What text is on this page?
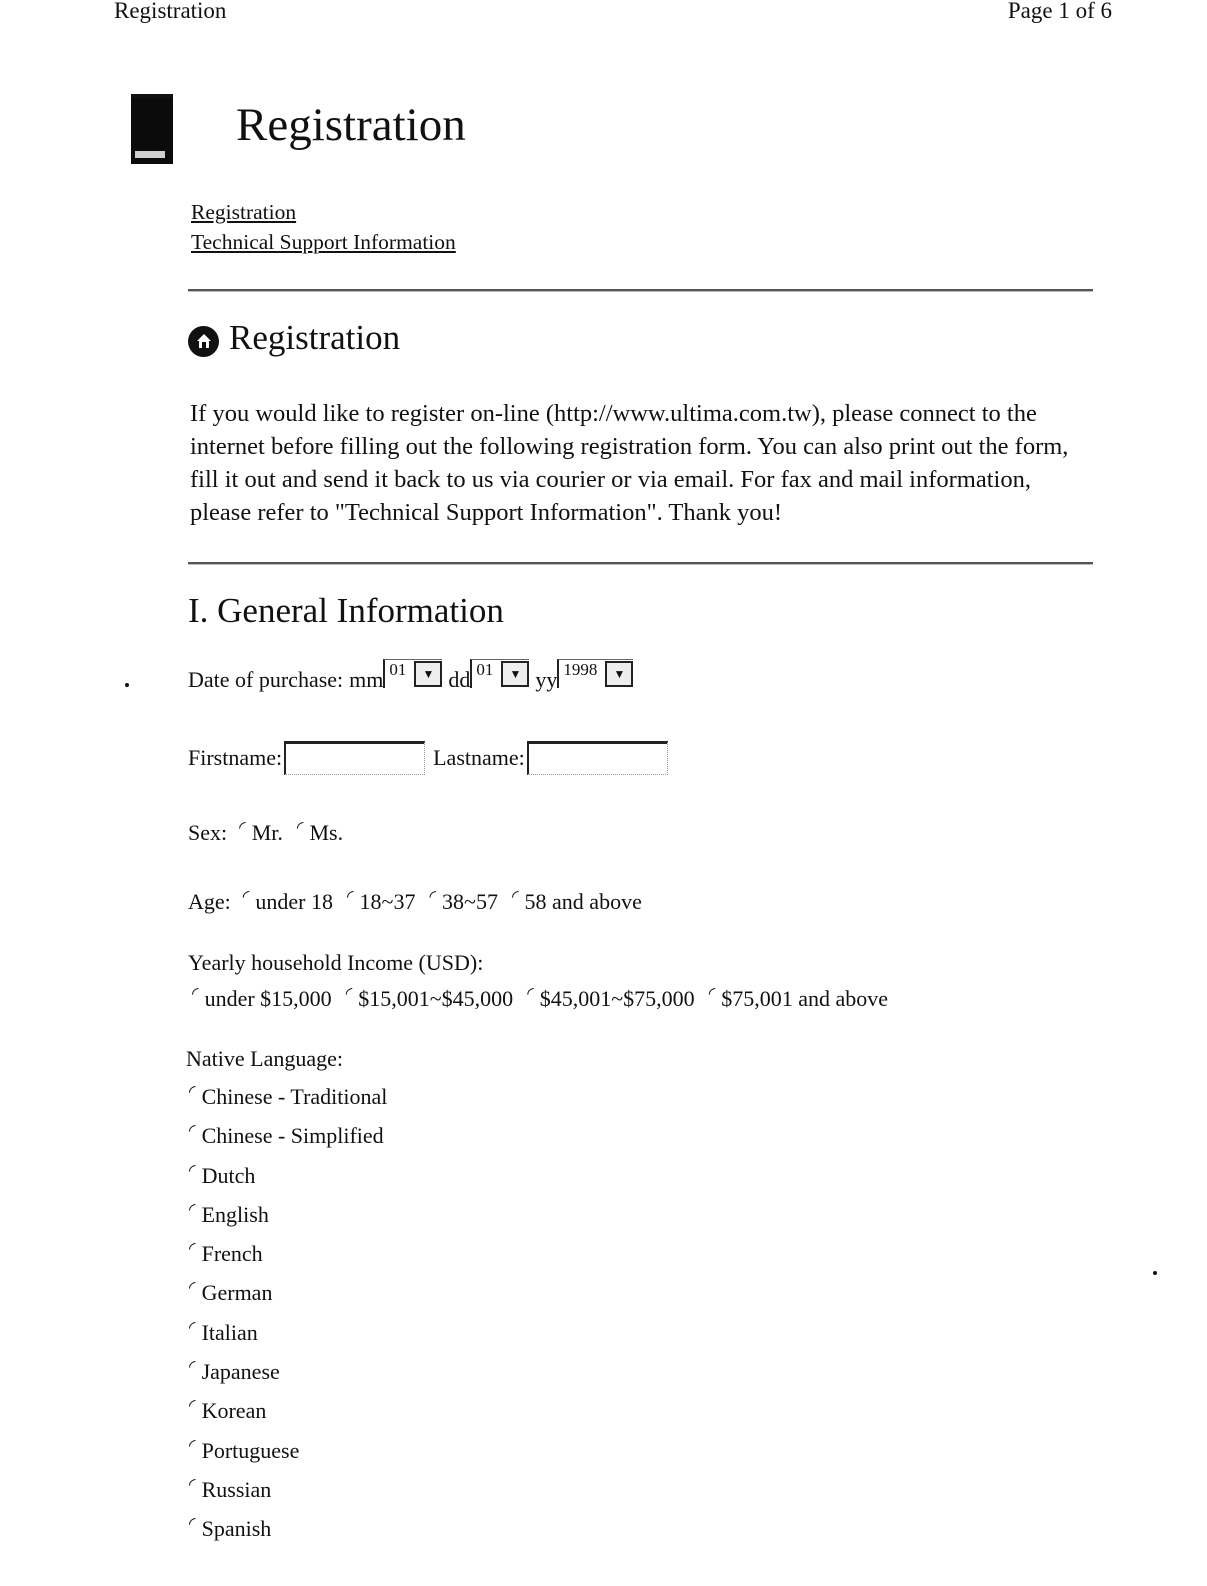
Registration	Page 1 of 6
Registration
Registration
Technical Support Information
Registration

If you would like to register on-line (http://www.ultima.com.tw), please connect to the internet before filling out the following registration form. You can also print out the form, fill it out and send it back to us via courier or via email. For fax and mail information, please refer to "Technical Support Information". Thank you!

I. General Information
Date of purchase: mm 01	▼ dd 01	▼ yy 1998	▼
Firstname:	Lastname:
Sex: ◜ Mr. ◜ Ms.
Age: ◜ under 18 ◜ 18~37 ◜ 38~57 ◜ 58 and above
Yearly household Income (USD):
◜ under $15,000 ◜ $15,001~$45,000 ◜ $45,001~$75,000 ◜ $75,001 and above
Native Language:
◜ Chinese - Traditional
◜ Chinese - Simplified
◜ Dutch
◜ English
◜ French
◜ German
◜ Italian
◜ Japanese
◜ Korean
◜ Portuguese
◜ Russian
◜ Spanish
